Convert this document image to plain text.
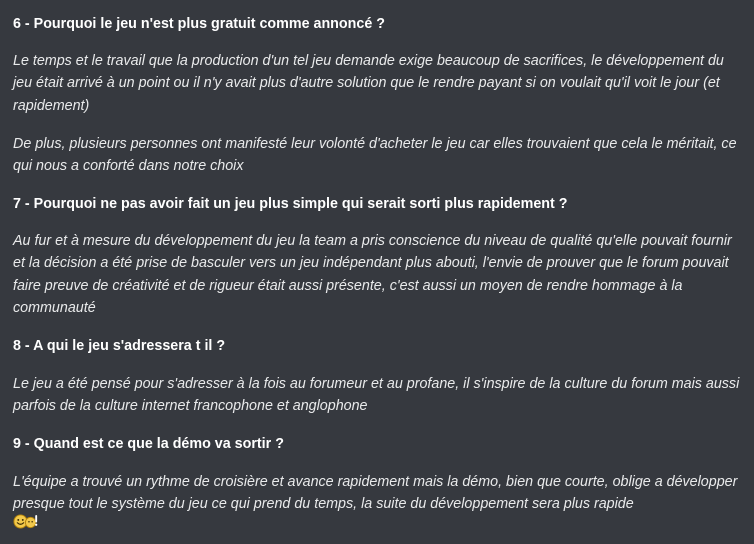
6 - Pourquoi le jeu n'est plus gratuit comme annoncé ?
Le temps et le travail que la production d'un tel jeu demande exige beaucoup de sacrifices, le développement du jeu était arrivé à un point ou il n'y avait plus d'autre solution que le rendre payant si on voulait qu'il voit le jour (et rapidement)
De plus, plusieurs personnes ont manifesté leur volonté d'acheter le jeu car elles trouvaient que cela le méritait, ce qui nous a conforté dans notre choix
7 - Pourquoi ne pas avoir fait un jeu plus simple qui serait sorti plus rapidement ?
Au fur et à mesure du développement du jeu la team a pris conscience du niveau de qualité qu'elle pouvait fournir et la décision a été prise de basculer vers un jeu indépendant plus abouti, l'envie de prouver que le forum pouvait faire preuve de créativité et de rigueur était aussi présente, c'est aussi un moyen de rendre hommage à la communauté
8 - A qui le jeu s'adressera t il ?
Le jeu a été pensé pour s'adresser à la fois au forumeur et au profane, il s'inspire de la culture du forum mais aussi parfois de la culture internet francophone et anglophone
9 - Quand est ce que la démo va sortir ?
L'équipe a trouvé un rythme de croisière et avance rapidement mais la démo, bien que courte, oblige a développer presque tout le système du jeu ce qui prend du temps, la suite du développement sera plus rapide
